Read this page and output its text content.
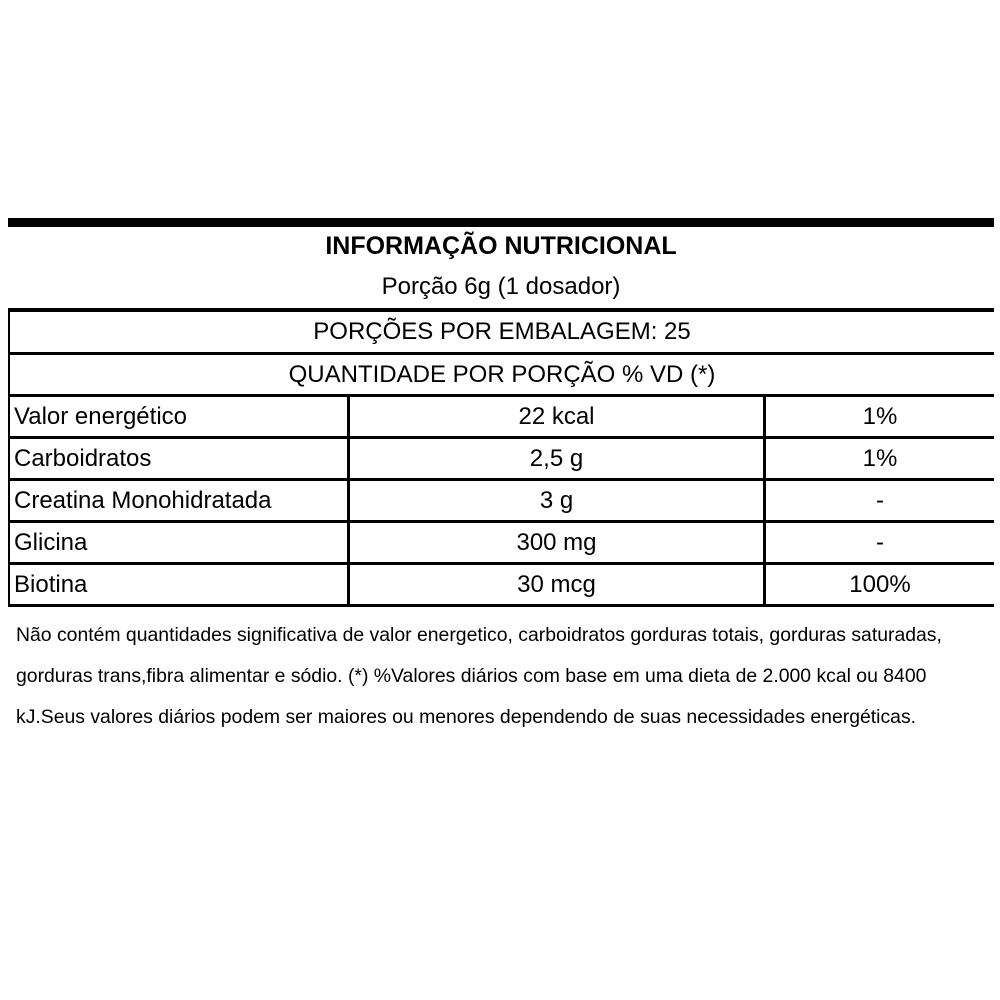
INFORMAÇÃO NUTRICIONAL
Porção 6g (1 dosador)
PORÇÕES POR EMBALAGEM: 25
QUANTIDADE POR PORÇÃO % VD (*)
Valor energético	22 kcal	1%
Carboidratos	2,5 g	1%
Creatina Monohidratada	3 g	-
Glicina	300 mg	-
Biotina	30 mcg	100%

Não contém quantidades significativa de valor energetico, carboidratos gorduras totais, gorduras saturadas, gorduras trans,fibra alimentar e sódio. (*) %Valores diários com base em uma dieta de 2.000 kcal ou 8400 kJ.Seus valores diários podem ser maiores ou menores dependendo de suas necessidades energéticas.
